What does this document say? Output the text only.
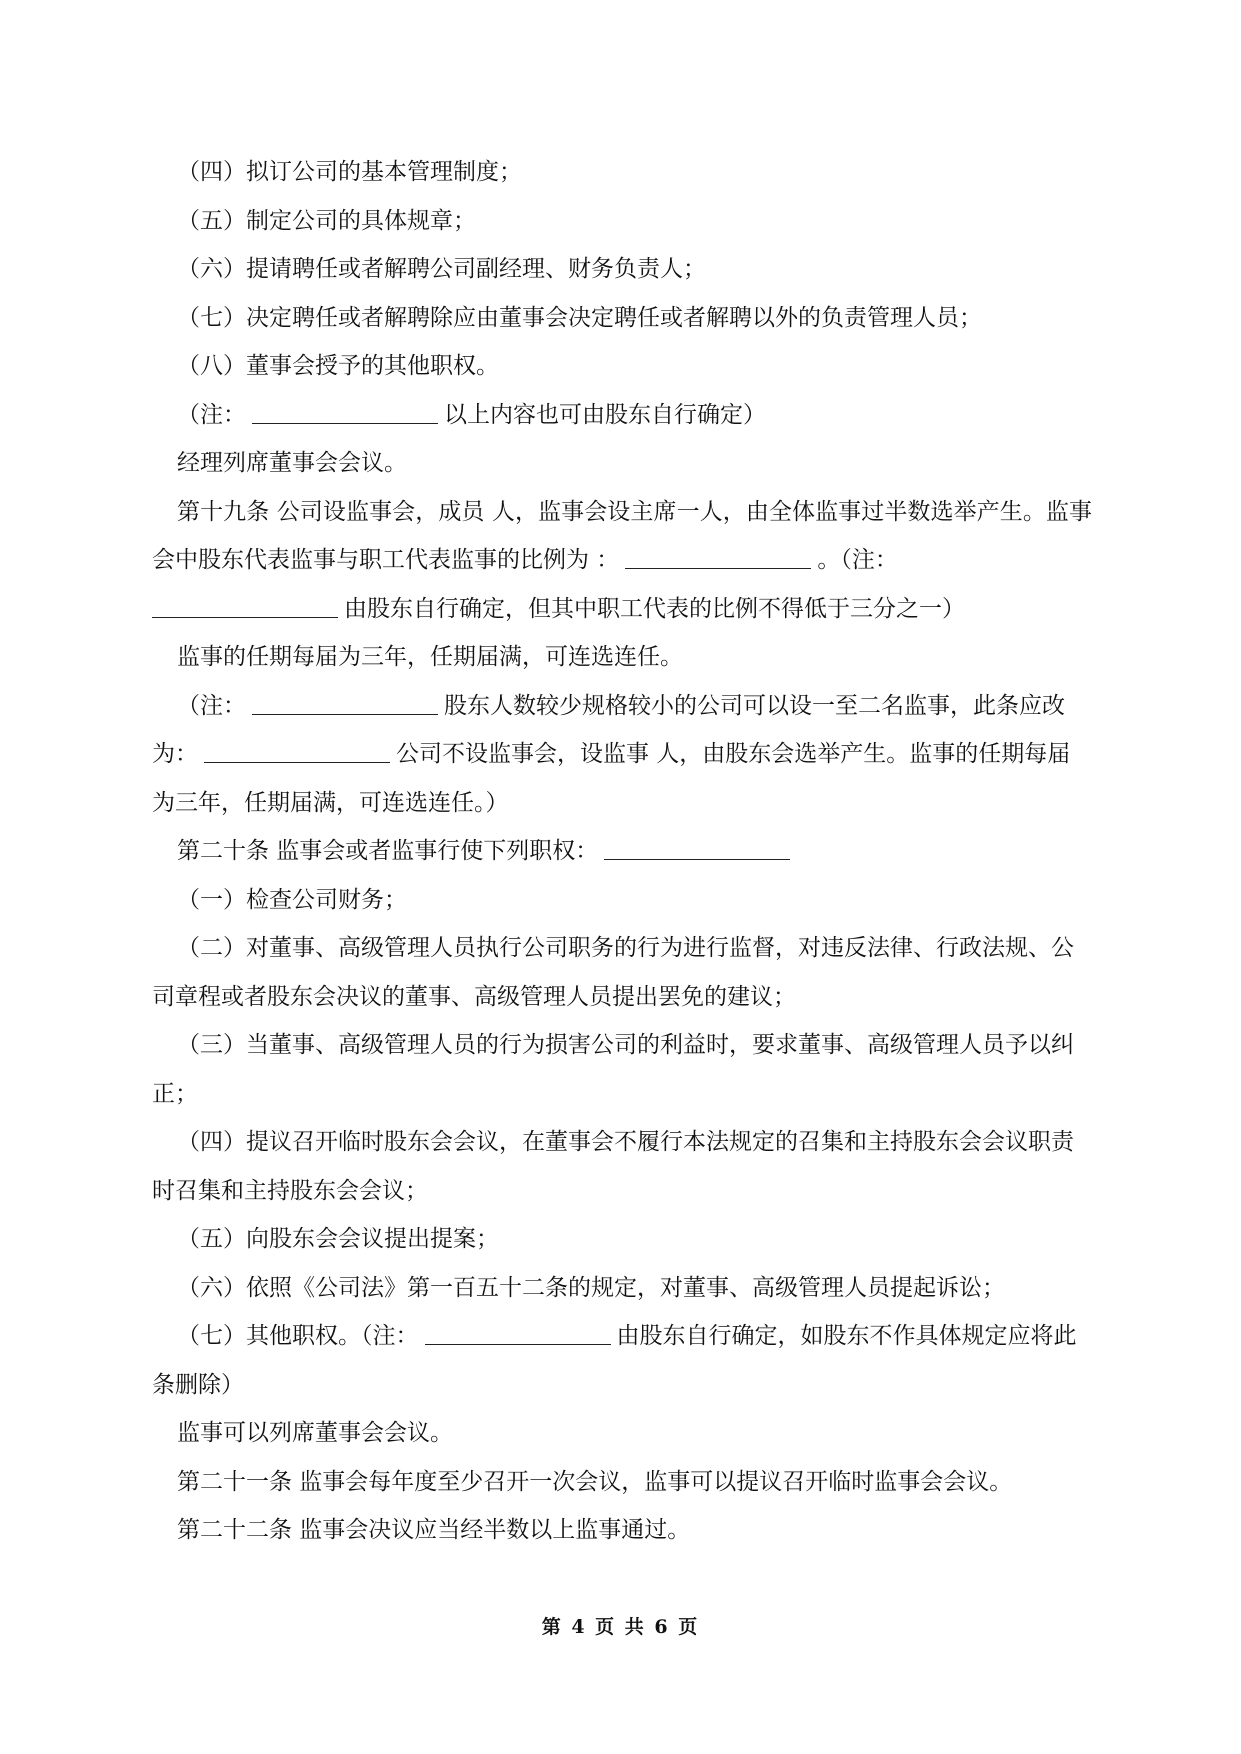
（四）拟订公司的基本管理制度；

（五）制定公司的具体规章；

（六）提请聘任或者解聘公司副经理、财务负责人；

（七）决定聘任或者解聘除应由董事会决定聘任或者解聘以外的负责管理人员；

（八）董事会授予的其他职权。

（注：	以上内容也可由股东自行确定）

经理列席董事会会议。

第十九条 公司设监事会，成员 人，监事会设主席一人，由全体监事过半数选举产生。监事会中股东代表监事与职工代表监事的比例为 ：	。（注：

由股东自行确定，但其中职工代表的比例不得低于三分之一）

监事的任期每届为三年，任期届满，可连选连任。

（注：	股东人数较少规格较小的公司可以设一至二名监事，此条应改为：	公司不设监事会，设监事 人，由股东会选举产生。监事的任期每届为三年，任期届满，可连选连任。）

第二十条 监事会或者监事行使下列职权：

（一）检查公司财务；

（二）对董事、高级管理人员执行公司职务的行为进行监督，对违反法律、行政法规、公司章程或者股东会决议的董事、高级管理人员提出罢免的建议；

（三）当董事、高级管理人员的行为损害公司的利益时，要求董事、高级管理人员予以纠正；

（四）提议召开临时股东会会议，在董事会不履行本法规定的召集和主持股东会会议职责时召集和主持股东会会议；

（五）向股东会会议提出提案；

（六）依照《公司法》第一百五十二条的规定，对董事、高级管理人员提起诉讼；

（七）其他职权。（注：	由股东自行确定，如股东不作具体规定应将此条删除）

监事可以列席董事会会议。

第二十一条 监事会每年度至少召开一次会议，监事可以提议召开临时监事会会议。

第二十二条 监事会决议应当经半数以上监事通过。

第 4 页 共 6 页
